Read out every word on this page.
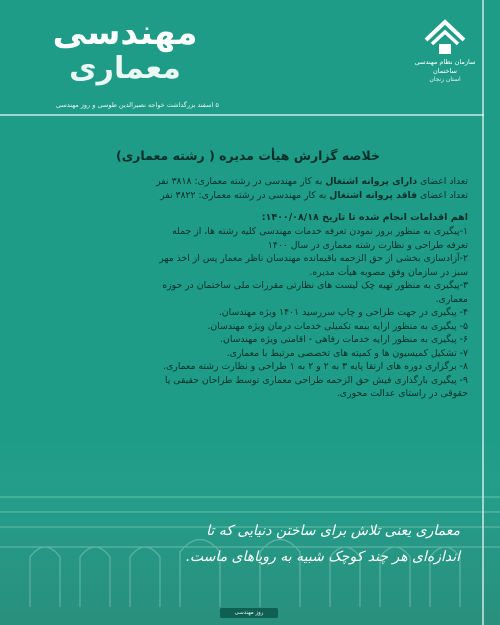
سازمان نظام مهندسی ساختمان
استان زنجان
مهندسی
معماری
۵ اسفند بزرگداشت خواجه نصیرالدین طوسی و روز مهندسی

خلاصه گزارش هیأت مدیره ( رشته معماری)

تعداد اعضای دارای پروانه اشتغال به کار مهندسی در رشته معماری: ۳۸۱۸ نفر

تعداد اعضای فاقد پروانه اشتغال به کار مهندسی در رشته معماری: ۳۸۲۲ نفر

اهم اقدامات انجام شده تا تاریخ ۱۴۰۰/۰۸/۱۸:

۱-پیگیری به منظور بروز نمودن تعرفه خدمات مهندسی کلیه رشته ها، از جمله

تعرفه طراحی و نظارت رشته معماری در سال ۱۴۰۰

۲-آزادسازی بخشی از حق الزحمه باقیمانده مهندسان ناظر معمار پس از اخذ مهر

سبز در سازمان وفق مصوبه هیأت مدیره.

۳-پیگیری به منظور تهیه چک لیست های نظارتی مقررات ملی ساختمان در حوزه

معماری.

۴- پیگیری در جهت طراحی و چاپ سررسید ۱۴۰۱ ویژه مهندسان.

۵- پیگیری به منظور ارایه بیمه تکمیلی خدمات درمان ویژه مهندسان.

۶- پیگیری به منظور ارایه خدمات رفاهی - اقامتی ویژه مهندسان.

۷- تشکیل کمیسیون ها و کمیته های تخصصی مرتبط با معماری.

۸- برگزاری دوره های ارتقا پایه ۳ به ۲ و ۲ به ۱ طراحی و نظارت رشته معماری.

۹- پیگیری بارگذاری فیش حق الزحمه طراحی معماری توسط طراحان حقیقی یا

حقوقی در راستای عدالت محوری.

معماری یعنی تلاش برای ساختن دنیایی که تا
اندازه‌ای هر چند کوچک شبیه به رویاهای ماست.
روز مهندسی
